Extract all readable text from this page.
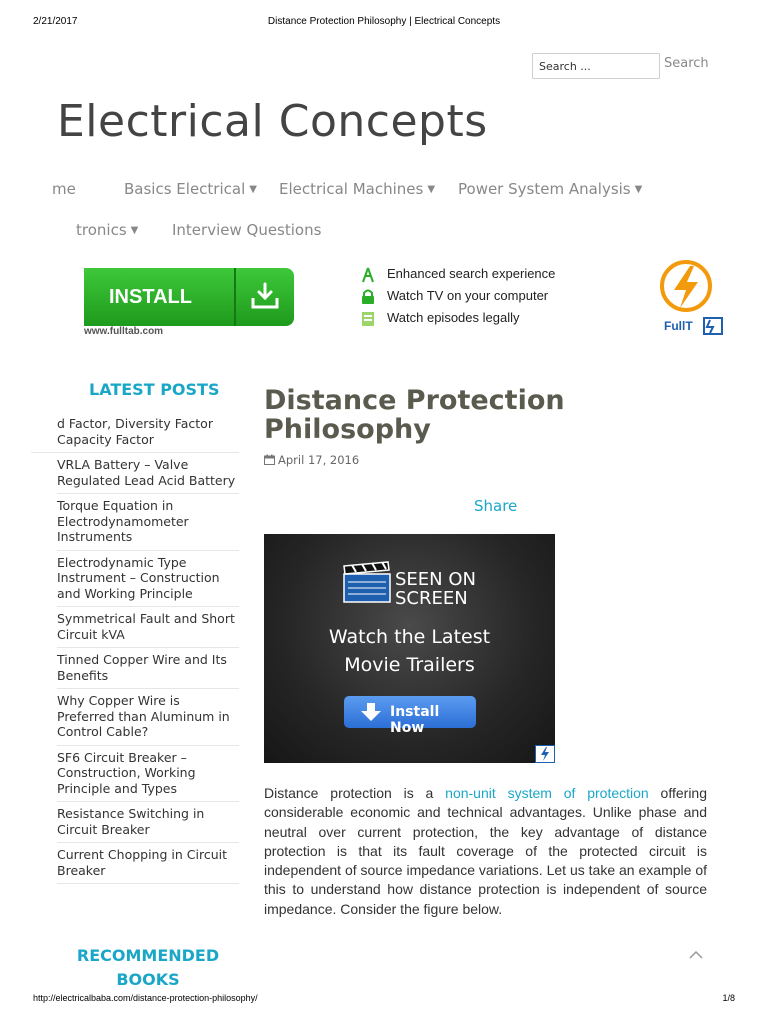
2/21/2017	Distance Protection Philosophy | Electrical Concepts
Search ...
Search
Electrical Concepts
me	Basics Electrical ▼ Electrical Machines ▼ Power System Analysis ▼
tronics ▼ Interview Questions
INSTALL
www.fulltab.com
Enhanced search experience
Watch TV on your computer
Watch episodes legally
FullT
LATEST POSTS
d Factor, Diversity Factor Capacity Factor
VRLA Battery – Valve Regulated Lead Acid Battery
Torque Equation in Electrodynamometer Instruments
Electrodynamic Type Instrument – Construction and Working Principle
Symmetrical Fault and Short Circuit kVA
Tinned Copper Wire and Its Benefits
Why Copper Wire is Preferred than Aluminum in Control Cable?
SF6 Circuit Breaker – Construction, Working Principle and Types
Resistance Switching in Circuit Breaker
Current Chopping in Circuit Breaker
RECOMMENDED
BOOKS
Distance Protection Philosophy
April 17, 2016
Share
SEEN ON
SCREEN
Watch the Latest
Movie Trailers
Install Now

Distance protection is a non-unit system of protection offering considerable economic and technical advantages. Unlike phase and neutral over current protection, the key advantage of distance protection is that its fault coverage of the protected circuit is independent of source impedance variations. Let us take an example of this to understand how distance protection is independent of source impedance. Consider the figure below.

http://electricalbaba.com/distance-protection-philosophy/	1/8
